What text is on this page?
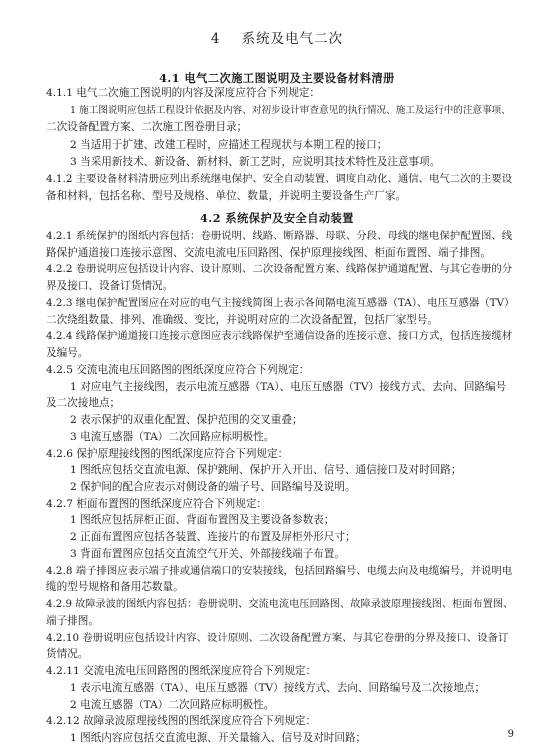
4 系统及电气二次
4.1 电气二次施工图说明及主要设备材料清册
4.2 系统保护及安全自动装置
4.1.1 电气二次施工图说明的内容及深度应符合下列规定：
1 施工图说明应包括工程设计依据及内容、对初步设计审查意见的执行情况、施工及运行中的注意事项、
二次设备配置方案、二次施工图卷册目录；
2 当适用于扩建、改建工程时，应描述工程现状与本期工程的接口；
3 当采用新技术、新设备、新材料、新工艺时，应说明其技术特性及注意事项。
4.1.2 主要设备材料清册应列出系统继电保护、安全自动装置、调度自动化、通信、电气二次的主要设
备和材料，包括名称、型号及规格、单位、数量，并说明主要设备生产厂家。
4.2.1 系统保护的图纸内容包括：卷册说明、线路、断路器、母联、分段、母线的继电保护配置图、线
路保护通道接口连接示意图、交流电流电压回路图、保护原理接线图、柜面布置图、端子排图。
4.2.2 卷册说明应包括设计内容、设计原则、二次设备配置方案、线路保护通道配置、与其它卷册的分
界及接口、设备订货情况。
4.2.3 继电保护配置图应在对应的电气主接线简图上表示各间隔电流互感器（TA）、电压互感器（TV）
二次绕组数量、排列、准确级、变比，并说明对应的二次设备配置，包括厂家型号。
4.2.4 线路保护通道接口连接示意图应表示线路保护至通信设备的连接示意、接口方式，包括连接缆材
及编号。
4.2.5 交流电流电压回路图的图纸深度应符合下列规定：
1 对应电气主接线图，表示电流互感器（TA）、电压互感器（TV）接线方式、去向、回路编号
及二次接地点；
2 表示保护的双重化配置、保护范围的交叉重叠；
3 电流互感器（TA）二次回路应标明极性。
4.2.6 保护原理接线图的图纸深度应符合下列规定：
1 图纸应包括交直流电源、保护跳闸、保护开入开出、信号、通信接口及对时回路；
2 保护间的配合应表示对侧设备的端子号、回路编号及说明。
4.2.7 柜面布置图的图纸深度应符合下列规定：
1 图纸应包括屏柜正面、背面布置图及主要设备参数表；
2 正面布置图应包括各装置、连接片的布置及屏柜外形尺寸；
3 背面布置图应包括交直流空气开关、外部接线端子布置。
4.2.8 端子排图应表示端子排或通信端口的安装接线，包括回路编号、电缆去向及电缆编号，并说明电
缆的型号规格和备用芯数量。
4.2.9 故障录波的图纸内容包括：卷册说明、交流电流电压回路图、故障录波原理接线图、柜面布置图、
端子排图。
4.2.10 卷册说明应包括设计内容、设计原则、二次设备配置方案、与其它卷册的分界及接口、设备订
货情况。
4.2.11 交流电流电压回路图的图纸深度应符合下列规定：
1 表示电流互感器（TA）、电压互感器（TV）接线方式、去向、回路编号及二次接地点；
2 电流互感器（TA）二次回路应标明极性。
4.2.12 故障录波原理接线图的图纸深度应符合下列规定：
1 图纸内容应包括交直流电源、开关量输入、信号及对时回路；	9
